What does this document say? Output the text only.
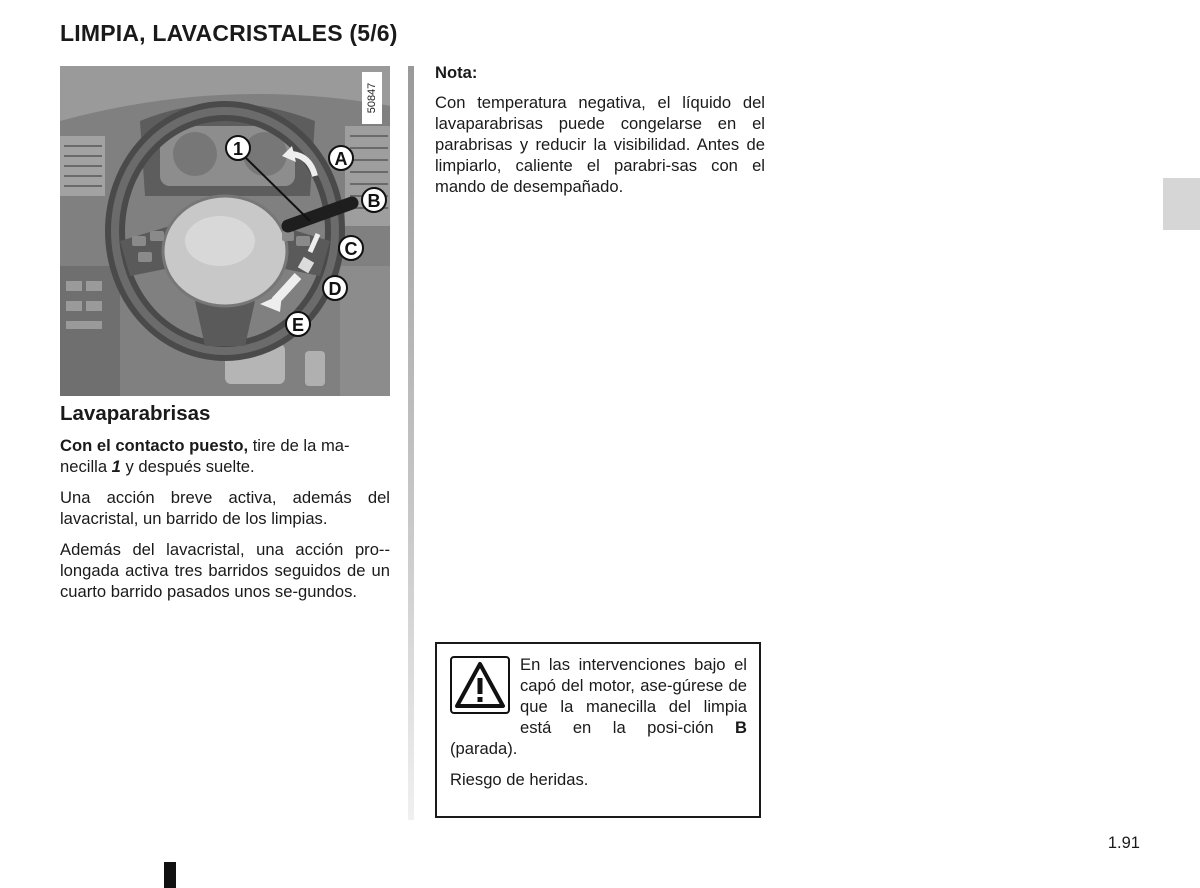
LIMPIA, LAVACRISTALES (5/6)
1	A
B
C
D
E
50847
Lavaparabrisas

Con el contacto puesto, tire de la ma-
necilla 1 y después suelte.

Una acción breve activa, además del lavacristal, un barrido de los limpias.

Además del lavacristal, una acción pro-longada activa tres barridos seguidos de un cuarto barrido pasados unos se-gundos.

Nota:

Con temperatura negativa, el líquido del lavaparabrisas puede congelarse en el parabrisas y reducir la visibilidad. Antes de limpiarlo, caliente el parabri-sas con el mando de desempañado.

En las intervenciones bajo el capó del motor, ase-gúrese de que la manecilla del limpia está en la posi-ción B (parada).

Riesgo de heridas.

1.91
